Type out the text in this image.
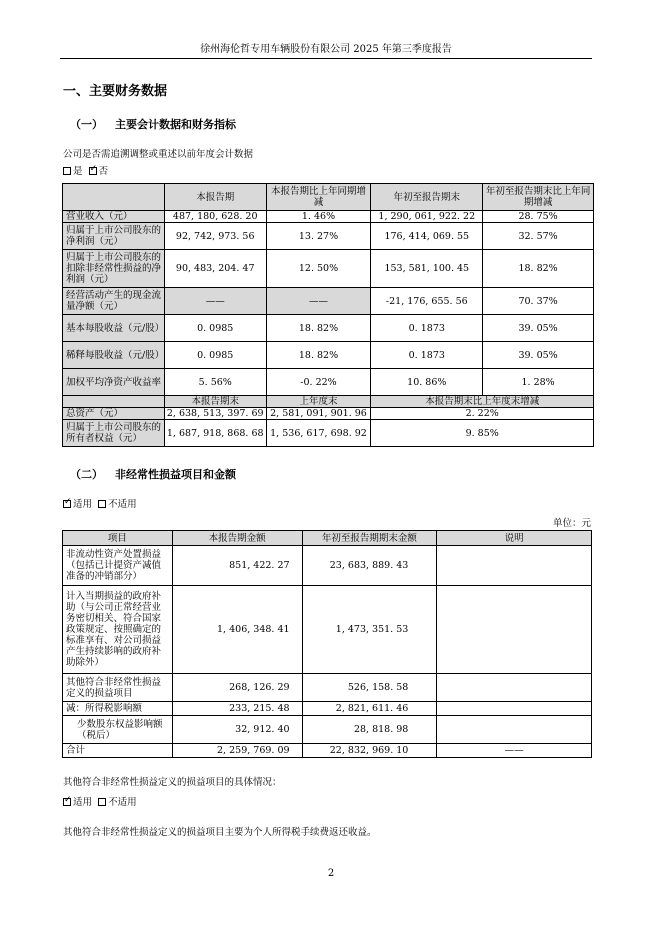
徐州海伦哲专用车辆股份有限公司 2025 年第三季度报告
一、主要财务数据
（一） 主要会计数据和财务指标
公司是否需追溯调整或重述以前年度会计数据
是 ✓ 否
	本报告期	本报告期比上年同期增减	年初至报告期末	年初至报告期末比上年同期增减
营业收入（元）	487, 180, 628. 20	1. 46%	1, 290, 061, 922. 22	28. 75%
归属于上市公司股东的净利润（元）	92, 742, 973. 56	13. 27%	176, 414, 069. 55	32. 57%
归属于上市公司股东的扣除非经常性损益的净利润（元）	90, 483, 204. 47	12. 50%	153, 581, 100. 45	18. 82%
经营活动产生的现金流量净额（元）	——	——	-21, 176, 655. 56	70. 37%
基本每股收益（元/股）	0. 0985	18. 82%	0. 1873	39. 05%
稀释每股收益（元/股）	0. 0985	18. 82%	0. 1873	39. 05%
加权平均净资产收益率	5. 56%	-0. 22%	10. 86%	1. 28%
	本报告期末	上年度末	本报告期末比上年度末增减	
总资产（元）	2, 638, 513, 397. 69	2, 581, 091, 901. 96	2. 22%	
归属于上市公司股东的所有者权益（元）	1, 687, 918, 868. 68	1, 536, 617, 698. 92	9. 85%	
（二） 非经常性损益项目和金额
✓适用 不适用
单位：元
项目	本报告期金额	年初至报告期期末金额	说明
非流动性资产处置损益（包括已计提资产减值准备的冲销部分）	851, 422. 27	23, 683, 889. 43	
计入当期损益的政府补助（与公司正常经营业务密切相关、符合国家政策规定、按照确定的标准享有、对公司损益产生持续影响的政府补助除外）	1, 406, 348. 41	1, 473, 351. 53	
其他符合非经常性损益定义的损益项目	268, 126. 29	526, 158. 58	
减：所得税影响额	233, 215. 48	2, 821, 611. 46	
少数股东权益影响额（税后）	32, 912. 40	28, 818. 98	
合计	2, 259, 769. 09	22, 832, 969. 10	——
其他符合非经常性损益定义的损益项目的具体情况：
✓适用 不适用
其他符合非经常性损益定义的损益项目主要为个人所得税手续费返还收益。
2
